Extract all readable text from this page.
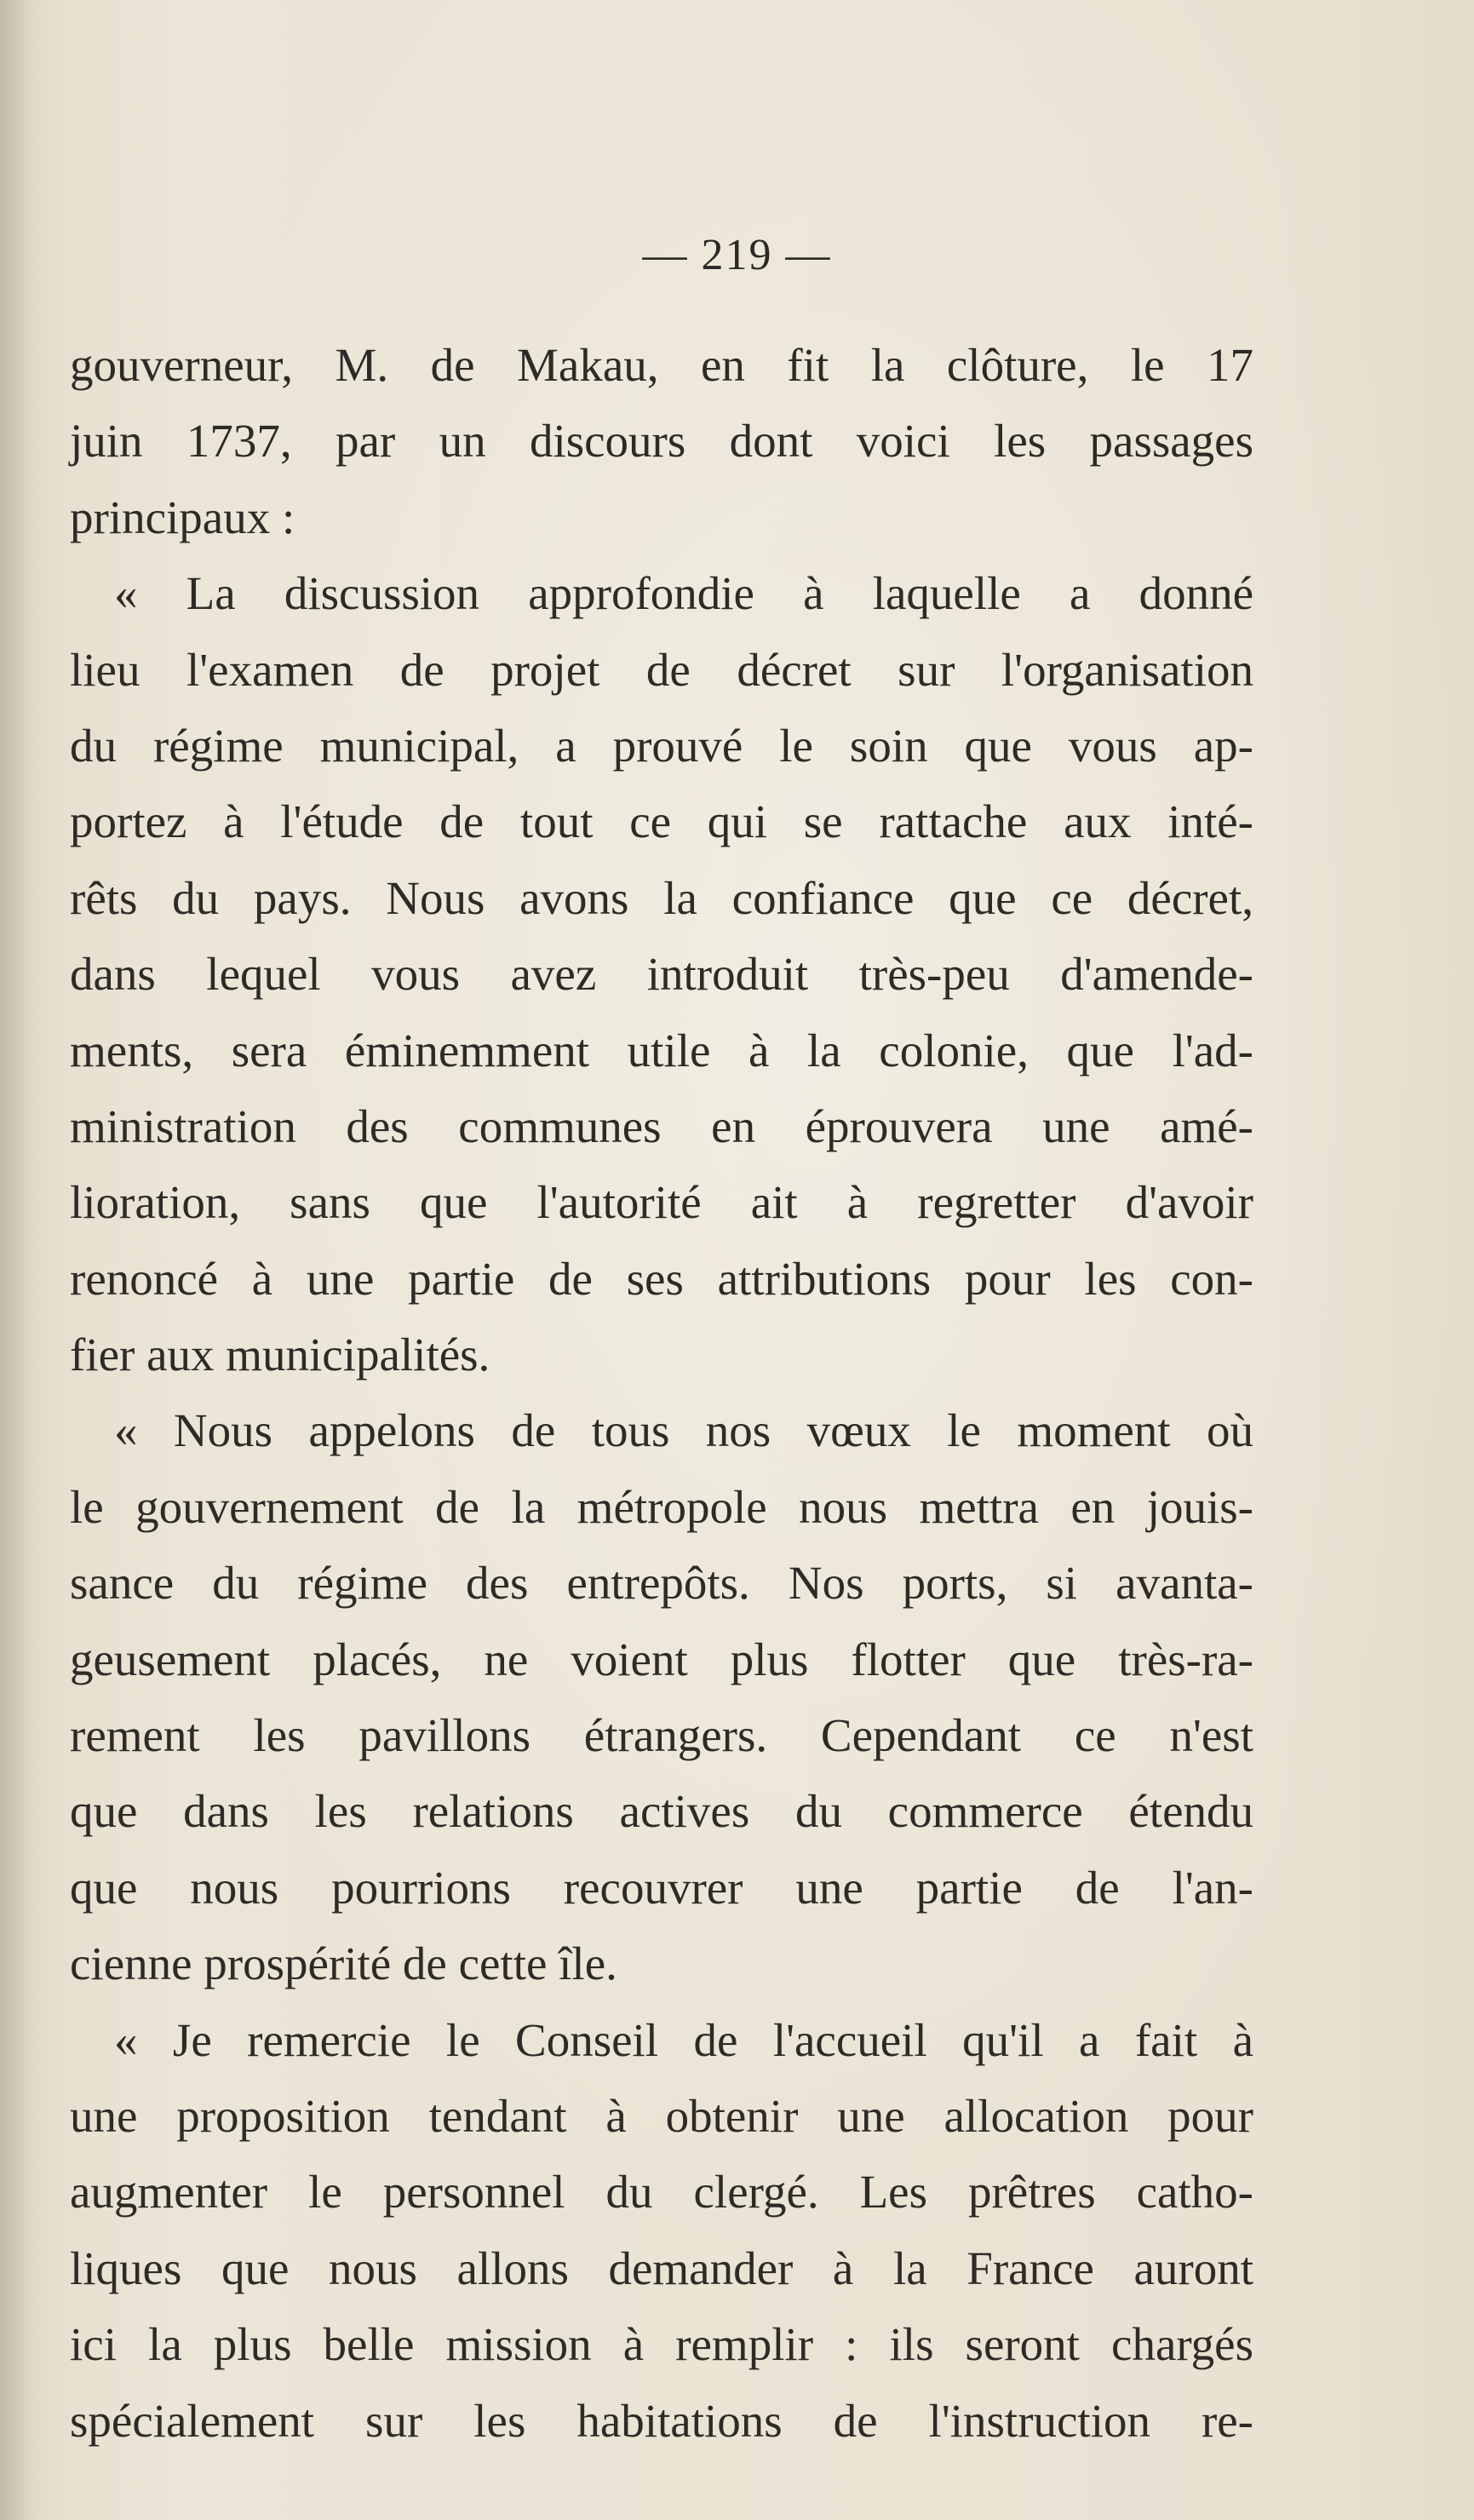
— 219 —
gouverneur, M. de Makau, en fit la clôture, le 17
juin 1737, par un discours dont voici les passages
principaux :
« La discussion approfondie à laquelle a donné
lieu l'examen de projet de décret sur l'organisation
du régime municipal, a prouvé le soin que vous ap-
portez à l'étude de tout ce qui se rattache aux inté-
rêts du pays. Nous avons la confiance que ce décret,
dans lequel vous avez introduit très-peu d'amende-
ments, sera éminemment utile à la colonie, que l'ad-
ministration des communes en éprouvera une amé-
lioration, sans que l'autorité ait à regretter d'avoir
renoncé à une partie de ses attributions pour les con-
fier aux municipalités.
« Nous appelons de tous nos vœux le moment où
le gouvernement de la métropole nous mettra en jouis-
sance du régime des entrepôts. Nos ports, si avanta-
geusement placés, ne voient plus flotter que très-ra-
rement les pavillons étrangers. Cependant ce n'est
que dans les relations actives du commerce étendu
que nous pourrions recouvrer une partie de l'an-
cienne prospérité de cette île.
« Je remercie le Conseil de l'accueil qu'il a fait à
une proposition tendant à obtenir une allocation pour
augmenter le personnel du clergé. Les prêtres catho-
liques que nous allons demander à la France auront
ici la plus belle mission à remplir : ils seront chargés
spécialement sur les habitations de l'instruction re-
